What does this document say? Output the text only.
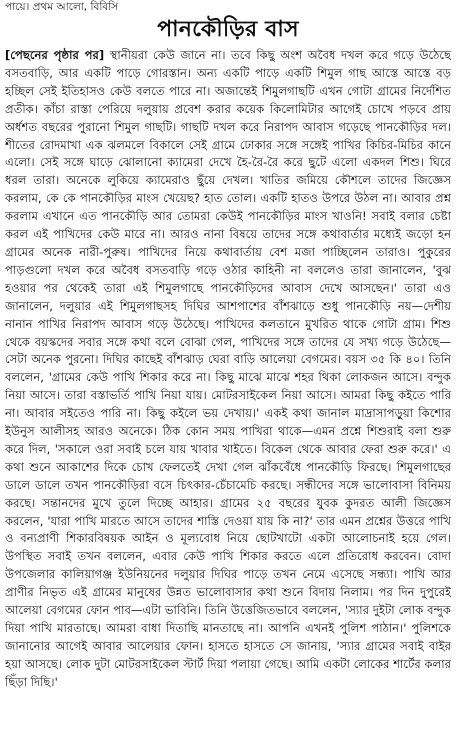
পায়ে। প্রথম আলো, বিবিসি
পানকৌড়ির বাস

[পেছনের পৃষ্ঠার পর] স্থানীয়রা কেউ জানে না। তবে কিছু অংশ অবৈধ দখল করে গড়ে উঠেছে বসতবাড়ি, আর একটি পাড়ে গোরস্তান। অন্য একটি পাড়ে একটি শিমুল গাছ আস্তে আস্তে বড় হচ্ছিল সেই ইতিহাসও কেউ বলতে পারে না। অজান্তেই শিমুলগাছটি এখন গোটা গ্রামের নির্দেশিত প্রতীক। কাঁচা রাস্তা পেরিয়ে দলুয়ায় প্রবেশ করার কয়েক কিলোমিটার আগেই চোখে পড়বে প্রায় অর্ধশত বছরের পুরানো শিমুল গাছটি। গাছটি দখল করে নিরাপদ আবাস গড়েছে পানকৌড়ির দল। শীতের রোদমাখা এক ঝলমলে বিকালে সেই গ্রামে ঢোকার সঙ্গে সঙ্গেই পাখির কিচির-মিচির কানে এলো। সেই সঙ্গে ঘাড়ে ঝোলানো ক্যামেরা দেখে হৈ-রৈ-রৈ করে ছুটে এলো একদল শিশু। ঘিরে ধরল তারা। অনেকে লুকিয়ে ক্যামেরাও ছুঁয়ে দেখল। খাতির জমিয়ে কৌশলে তাদের জিজ্ঞেস করলাম, কে কে পানকৌড়ির মাংস খেয়েছ? হাত তোল। একটি হাতও উপরে উঠল না। আবার প্রশ্ন করলাম এখানে এত পানকৌড়ি আর তোমরা কেউই পানকৌড়ির মাংস খাওনি! সবাই বলার চেষ্টা করল এই পাখিদের কেউ মারে না। আরও নানা বিষয়ে তাদের সঙ্গে কথাবার্তার মধ্যেই জড়ো হন গ্রামের অনেক নারী-পুরুষ। পাখিদের নিয়ে কথাবার্তায় বেশ মজা পাচ্ছিলেন তারাও। পুকুরের পাড়গুলো দখল করে অবৈধ বসতবাড়ি গড়ে ওঠার কাহিনী না বললেও তারা জানালেন, 'বুঝ হওয়ার পর থেকেই তারা এই শিমুলগাছে পানকৌড়িদের আবাস দেখে আসছেন।' তারা এও জানালেন, দলুয়ার এই শিমুলগাছসহ দিঘির আশপাশের বাঁশঝাড়ে শুধু পানকৌড়ি নয়—দেশীয় নানান পাখির নিরাপদ আবাস গড়ে উঠেছে। পাখিদের কলতানে মুখরিত থাকে গোটা গ্রাম। শিশু থেকে বয়স্কদের সবার সঙ্গে কথা বলে বোঝা গেল, পাখিদের সঙ্গে তাদের যে সখ্য গড়ে উঠেছে—সেটা অনেক পুরনো। দিঘির কাছেই বাঁশঝাড় ঘেরা বাড়ি আলেয়া বেগমের। বয়স ৩৫ কি ৪০। তিনি বললেন, 'গ্রামের কেউ পাখি শিকার করে না। কিছু মাঝে মাঝে শহর থিকা লোকজন আসে। বন্দুক নিয়া আসে। তারা বস্তাভর্তি পাখি নিয়া যায়। মোটরসাইকেল নিয়া আসে। আমরা কিছু কইতে পারি না। আবার সইতেও পারি না। কিছু কইলে ভয় দেখায়।' একই কথা জানাল মাদ্রাসাপড়ুয়া কিশোর ইউনুস আলীসহ আরও অনেকে। ঠিক কোন সময় পাখিরা থাকে—এমন প্রশ্নে শিশুরাই বলা শুরু করে দিল, 'সকালে ওরা সবাই চলে যায় খাবার খাইতে। বিকেল থেকে আবার ফেরা শুরু করে।' এ কথা শুনে আকাশের দিকে চোখ ফেলতেই দেখা গেল ঝাঁকবেঁধে পানকৌড়ি ফিরছে। শিমুলগাছের ডালে ডালে তখন পানকৌড়িরা বসে চিৎকার-চেঁচামেচি করছে। সন্ধীদের সঙ্গে ভালোবাসা বিনিময় করছে। সন্তানদের মুখে তুলে দিচ্ছে আহার। গ্রামের ২৫ বছরের যুবক কুদরত আলী জিজ্ঞেস করলেন, 'যারা পাখি মারতে আসে তাদের শাস্তি দেওয়া যায় কি না?' তার এমন প্রশ্নের উত্তরে পাখি ও বন্যপ্রাণী শিকারবিষয়ক আইন ও মূল্যবোধ নিয়ে ছোটখাটো একটা আলোচনাই হয়ে গেল। উপস্থিত সবাই তখন বললেন, এবার কেউ পাখি শিকার করতে এলে প্রতিরোধ করবেন। বোদা উপজেলার কালিয়াগঞ্জ ইউনিয়নের দলুয়ার দিঘির পাড়ে তখন নেমে এসেছে সন্ধ্যা। পাখি আর প্রাণীর নিভৃত এই গ্রামের মানুষের উন্নত ভালোবাসার কথা শুনে বিদায় নিলাম। পর দিন দুপুরেই আলেয়া বেগমের ফোন পাব—এটা ভাবিনি। তিনি উত্তেজিতভাবে বললেন, 'স্যার দুইটা লোক বন্দুক দিয়া পাখি মারতাছে। আমরা বাধা দিতাছি মানতাছে না। আপনি এখনই পুলিশ পাঠান।' পুলিশকে জানানোর আগেই আবার আলেয়ার ফোন। হাসতে হাসতে সে জানায়, 'স্যার গ্রামের সবাই বাইর হয়া আসছে। লোক দুটা মোটরসাইকেল স্টার্ট দিয়া পলায়া গেছে। আমি একটা লোকের শার্টের কলার ছিঁড়া দিছি।'
